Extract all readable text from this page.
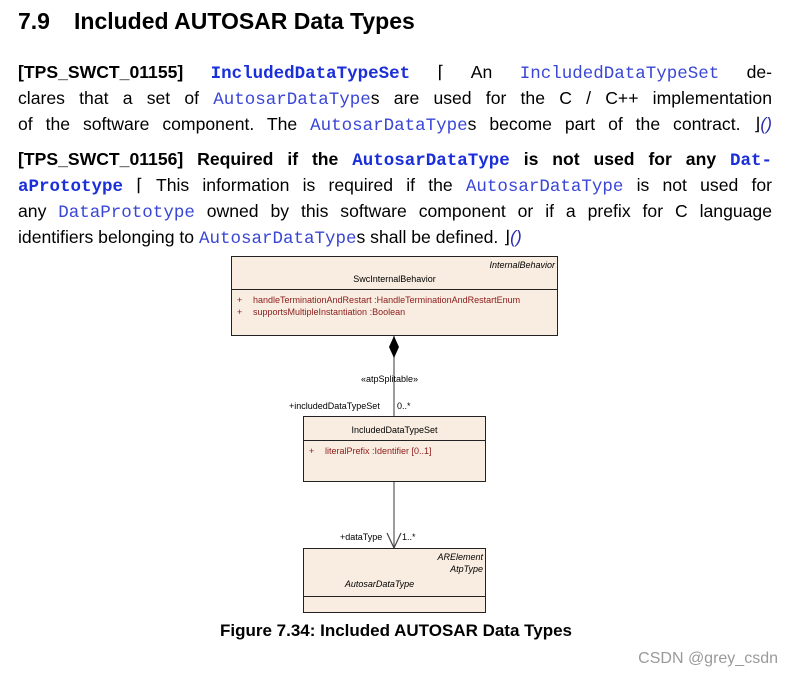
7.9 Included AUTOSAR Data Types
[TPS_SWCT_01155] IncludedDataTypeSet ⌈ An IncludedDataTypeSet de-
clares that a set of AutosarDataTypes are used for the C / C++ implementation
of the software component. The AutosarDataTypes become part of the contract. ⌋()
[TPS_SWCT_01156] Required if the AutosarDataType is not used for any Dat-
aPrototype ⌈ This information is required if the AutosarDataType is not used for
any DataPrototype owned by this software component or if a prefix for C language
identifiers belonging to AutosarDataTypes shall be defined. ⌋()
InternalBehavior
SwcInternalBehavior
+ handleTerminationAndRestart :HandleTerminationAndRestartEnum
+ supportsMultipleInstantiation :Boolean
«atpSplitable»
+includedDataTypeSet 0..*
IncludedDataTypeSet
+ literalPrefix :Identifier [0..1]
+dataType 1..*
ARElement
AtpType
AutosarDataType

Figure 7.34: Included AUTOSAR Data Types

CSDN @grey_csdn
